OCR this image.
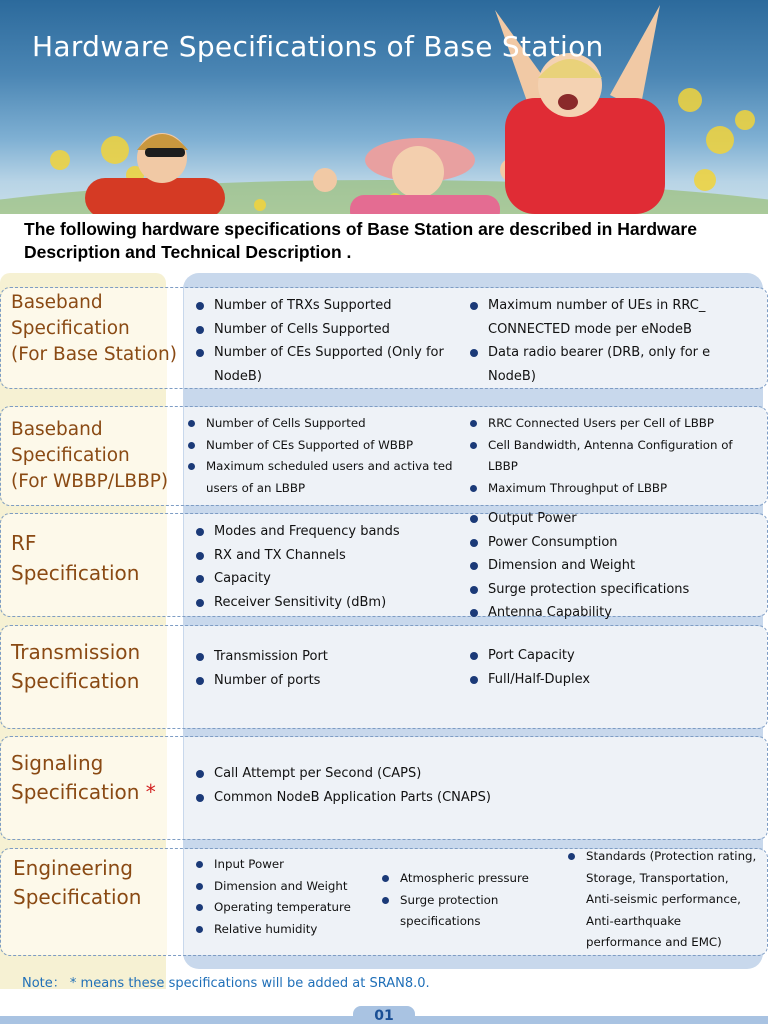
Hardware Specifications of Base Station
The following hardware specifications of Base Station are described in Hardware Description and Technical Description .
Baseband
Specification
(For Base Station)
Number of TRXs Supported
Number of Cells Supported
Number of CEs Supported (Only for NodeB)
Maximum number of UEs in RRC_ CONNECTED mode per eNodeB
Data radio bearer (DRB, only for e NodeB)
Baseband
Specification
(For WBBP/LBBP)
Number of Cells Supported
Number of CEs Supported of WBBP
Maximum scheduled users and activa ted users of an LBBP
RRC Connected Users per Cell of LBBP
Cell Bandwidth, Antenna Configuration of LBBP
Maximum Throughput of LBBP
RF
Specification
Modes and Frequency bands
RX and TX Channels
Capacity
Receiver Sensitivity (dBm)
Output Power
Power Consumption
Dimension and Weight
Surge protection specifications
Antenna Capability
Transmission
Specification
Transmission Port
Number of ports
Port Capacity
Full/Half-Duplex
Signaling
Specification *
Call Attempt per Second (CAPS)
Common NodeB Application Parts (CNAPS)
Engineering
Specification
Input Power
Dimension and Weight
Operating temperature
Relative humidity
Atmospheric pressure
Surge protection specifications
Standards (Protection rating, Storage, Transportation, Anti-seismic performance, Anti-earthquake performance and EMC)
Note： * means these specifications will be added at SRAN8.0.
01
